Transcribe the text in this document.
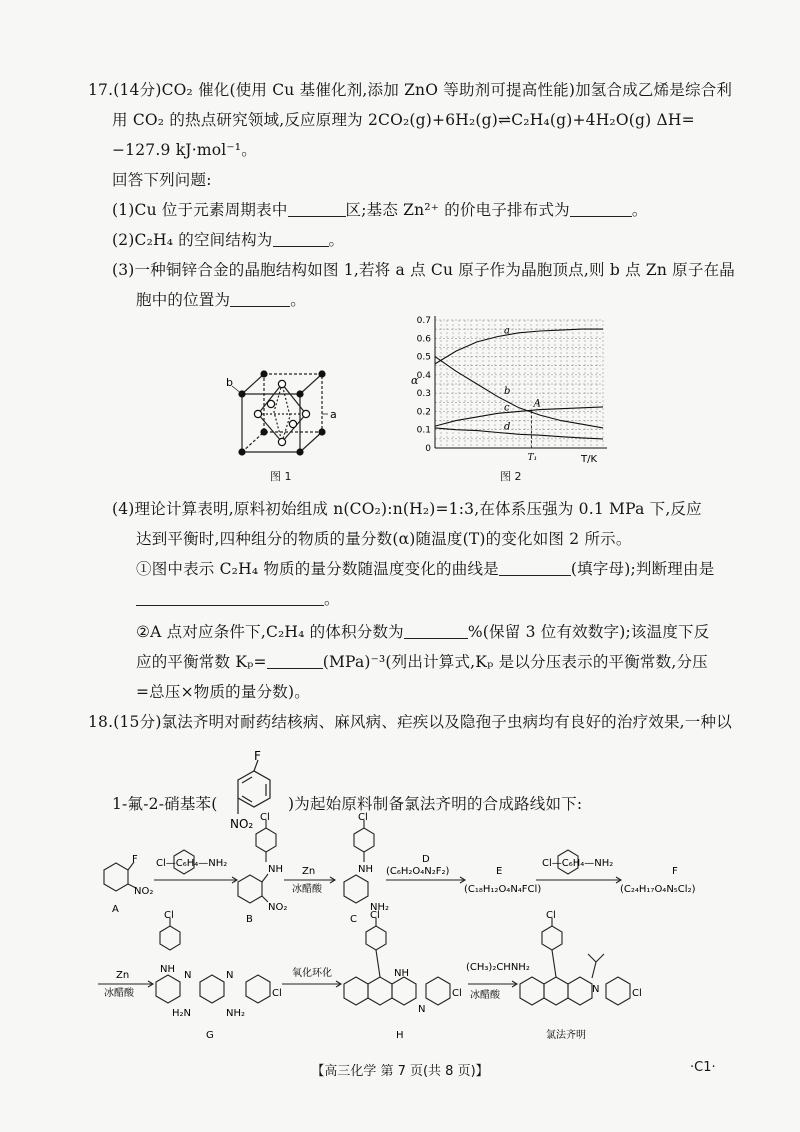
17.(14分)CO₂ 催化(使用 Cu 基催化剂,添加 ZnO 等助剂可提高性能)加氢合成乙烯是综合利
用 CO₂ 的热点研究领域,反应原理为 2CO₂(g)+6H₂(g)⇌C₂H₄(g)+4H₂O(g) ΔH=
−127.9 kJ·mol⁻¹。
回答下列问题:
(1)Cu 位于元素周期表中	区;基态 Zn²⁺ 的价电子排布式为	。
(2)C₂H₄ 的空间结构为	。
(3)一种铜锌合金的晶胞结构如图 1,若将 a 点 Cu 原子作为晶胞顶点,则 b 点 Zn 原子在晶
胞中的位置为	。
b
a
图 1
0
0.1
0.2
0.3
0.4
0.5
0.6
0.7
α
T/K
a
b
c
d
A
T₁
图 2
(4)理论计算表明,原料初始组成 n(CO₂):n(H₂)=1:3,在体系压强为 0.1 MPa 下,反应
达到平衡时,四种组分的物质的量分数(α)随温度(T)的变化如图 2 所示。
①图中表示 C₂H₄ 物质的量分数随温度变化的曲线是	(填字母);判断理由是
。
②A 点对应条件下,C₂H₄ 的体积分数为	%(保留 3 位有效数字);该温度下反
应的平衡常数 Kₚ=	(MPa)⁻³(列出计算式,Kₚ 是以分压表示的平衡常数,分压
=总压×物质的量分数)。
18.(15分)氯法齐明对耐药结核病、麻风病、疟疾以及隐孢子虫病均有良好的治疗效果,一种以
1-氟-2-硝基苯(
F
NO₂
)为起始原料制备氯法齐明的合成路线如下:
F
NO₂
A
Cl—C₆H₄—NH₂
Cl
NH
NO₂
B
Zn
冰醋酸
Cl
NH
NH₂
C
D
(C₆H₂O₄N₂F₂)	E
(C₁₈H₁₂O₄N₄FCl)
Cl—C₆H₄—NH₂
F
(C₂₄H₁₇O₄N₅Cl₂)
Zn
冰醋酸
Cl
NH
N	N
Cl
H₂N	NH₂
G
氧化环化
Cl
NH
N
Cl
H
(CH₃)₂CHNH₂
冰醋酸
Cl
N	Cl
氯法齐明
【高三化学 第 7 页(共 8 页)】	·C1·
